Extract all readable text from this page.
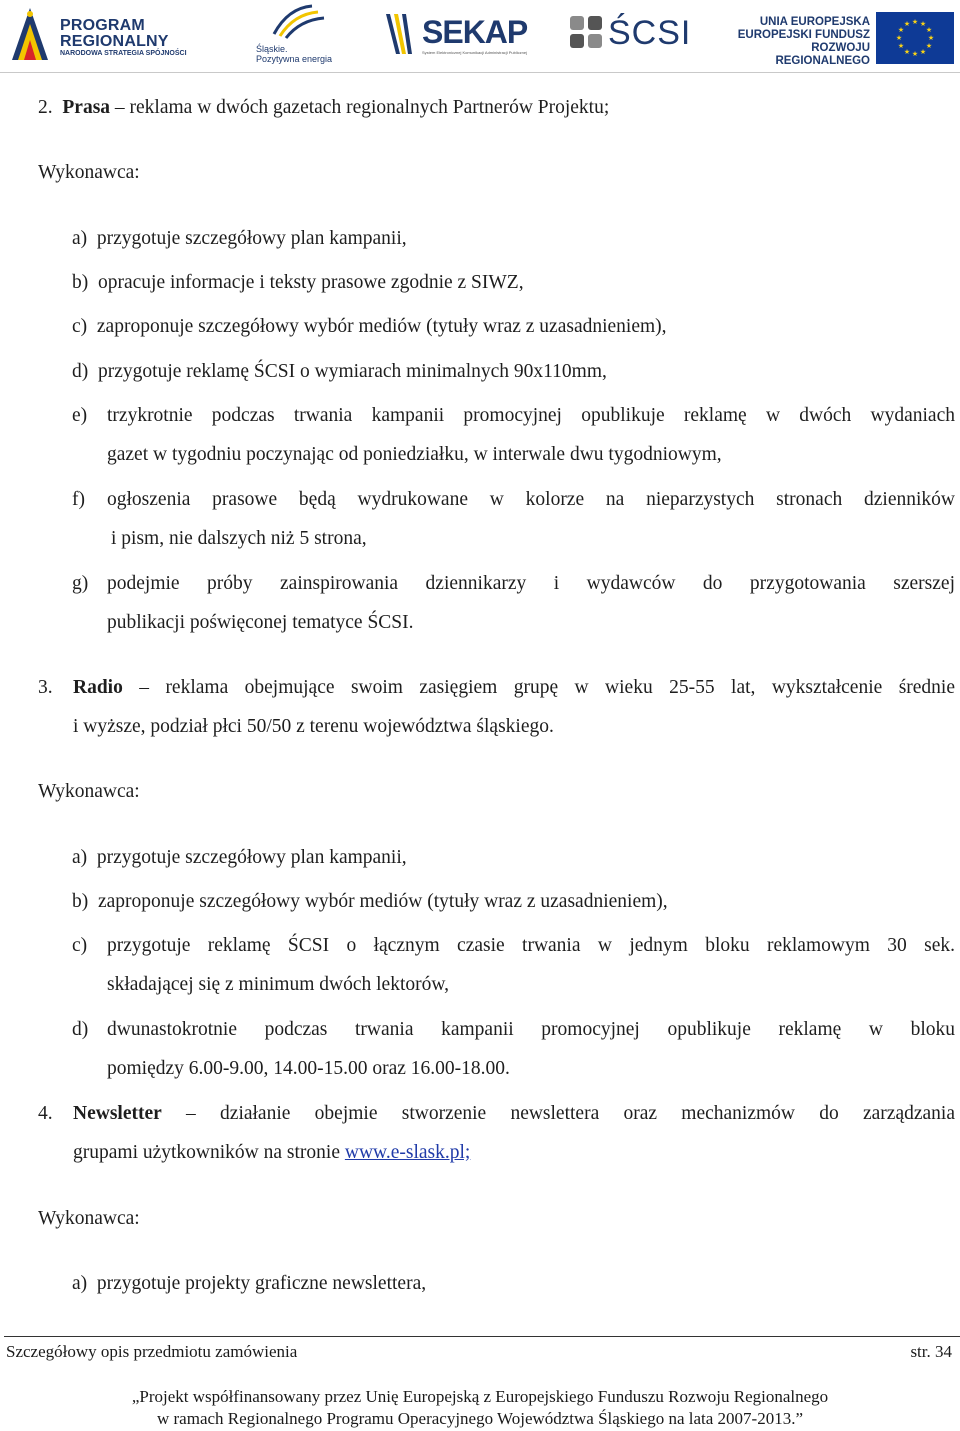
PROGRAM
REGIONALNY
NARODOWA STRATEGIA SPÓJNOŚCI	Śląskie.
Pozytywna energia
SEKAP
System Elektronicznej Komunikacji Administracji Publicznej
ŚCSI	UNIA EUROPEJSKA
EUROPEJSKI FUNDUSZ
ROZWOJU REGIONALNEGO
★ ★
★
★
★
★
★
★
★
★
★
★
2. Prasa – reklama w dwóch gazetach regionalnych Partnerów Projektu;
Wykonawca:
a) przygotuje szczegółowy plan kampanii,
b) opracuje informacje i teksty prasowe zgodnie z SIWZ,
c) zaproponuje szczegółowy wybór mediów (tytuły wraz z uzasadnieniem),
d) przygotuje reklamę ŚCSI o wymiarach minimalnych 90x110mm,
e) trzykrotnie podczas trwania kampanii promocyjnej opublikuje reklamę w dwóch wydaniach
gazet w tygodniu poczynając od poniedziałku, w interwale dwu tygodniowym,
f) ogłoszenia prasowe będą wydrukowane w kolorze na nieparzystych stronach dzienników
i pism, nie dalszych niż 5 strona,
g) podejmie próby zainspirowania dziennikarzy i wydawców do przygotowania szerszej
publikacji poświęconej tematyce ŚCSI.
3. Radio – reklama obejmujące swoim zasięgiem grupę w wieku 25-55 lat, wykształcenie średnie
i wyższe, podział płci 50/50 z terenu województwa śląskiego.
Wykonawca:
a) przygotuje szczegółowy plan kampanii,
b) zaproponuje szczegółowy wybór mediów (tytuły wraz z uzasadnieniem),
c) przygotuje reklamę ŚCSI o łącznym czasie trwania w jednym bloku reklamowym 30 sek.
składającej się z minimum dwóch lektorów,
d) dwunastokrotnie podczas trwania kampanii promocyjnej opublikuje reklamę w bloku
pomiędzy 6.00-9.00, 14.00-15.00 oraz 16.00-18.00.
4. Newsletter – działanie obejmie stworzenie newslettera oraz mechanizmów do zarządzania
grupami użytkowników na stronie www.e-slask.pl;
Wykonawca:
a) przygotuje projekty graficzne newslettera,
Szczegółowy opis przedmiotu zamówienia	str. 34
„Projekt współfinansowany przez Unię Europejską z Europejskiego Funduszu Rozwoju Regionalnego
w ramach Regionalnego Programu Operacyjnego Województwa Śląskiego na lata 2007-2013.”
